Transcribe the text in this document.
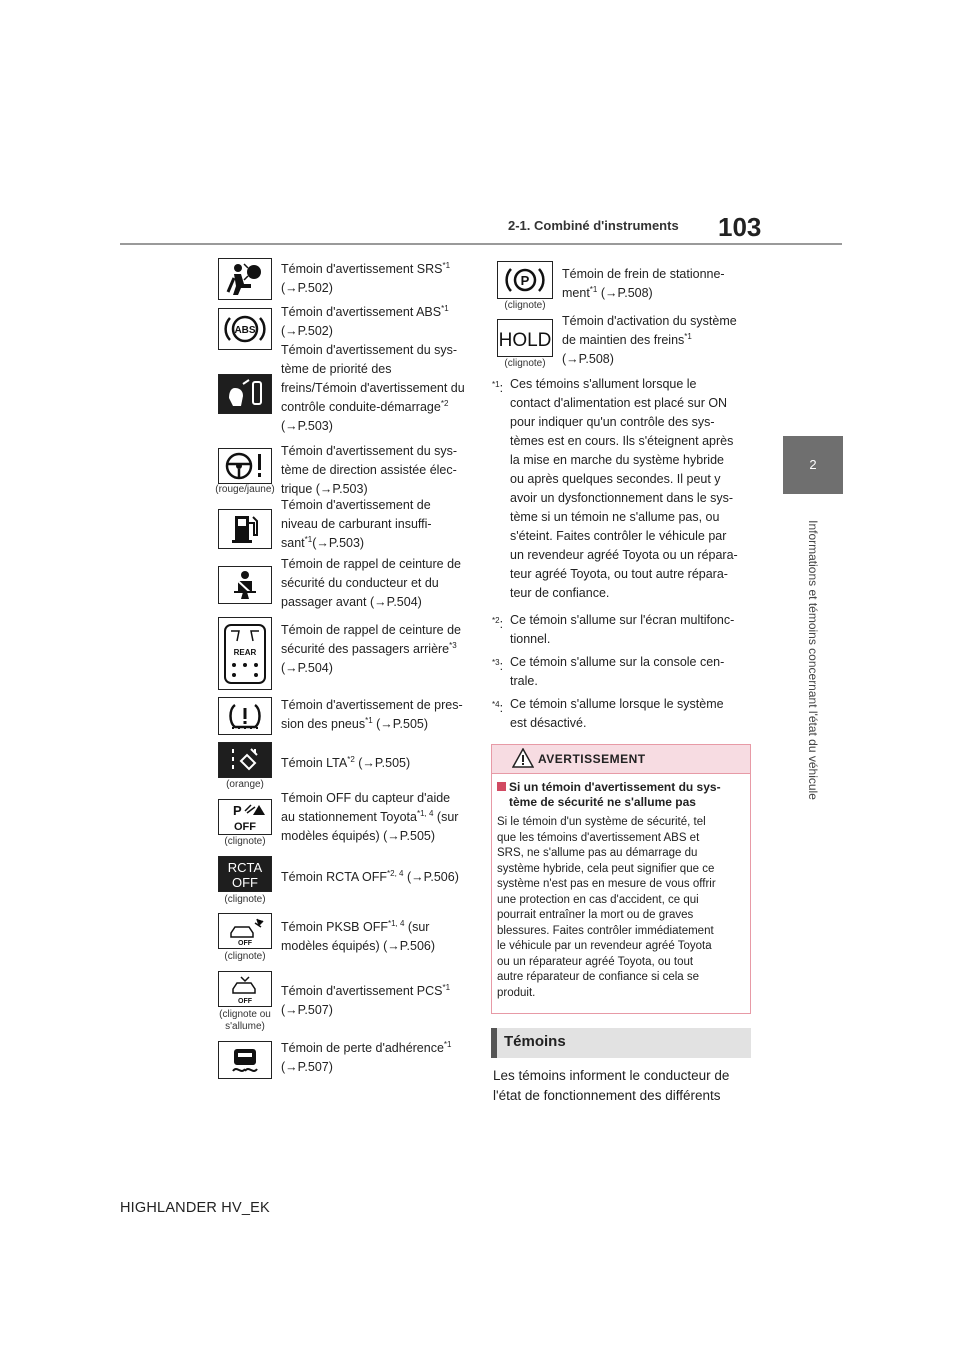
2-1. Combiné d'instruments 103
2
Informations et témoins concernant l'état du véhicule
Témoin d'avertissement SRS$^{*1}$
(→P.502)
ABS
Témoin d'avertissement ABS$^{*1}$
(→P.502)
Témoin d'avertissement du sys-
tème de priorité des
freins/Témoin d'avertissement du
contrôle conduite-démarrage$^{*2}$
(→P.503)
(rouge/jaune)
Témoin d'avertissement du sys-
tème de direction assistée élec-
trique (→P.503)
Témoin d'avertissement de
niveau de carburant insuffi-
sant$^{*1}$(→P.503)
Témoin de rappel de ceinture de
sécurité du conducteur et du
passager avant (→P.504)
REAR
Témoin de rappel de ceinture de
sécurité des passagers arrière$^{*3}$
(→P.504)
Témoin d'avertissement de pres-
sion des pneus$^{*1}$ (→P.505)
(orange)
Témoin LTA$^{*2}$ (→P.505)
P
OFF
(clignote)
Témoin OFF du capteur d'aide
au stationnement Toyota$^{*1, 4}$ (sur
modèles équipés) (→P.505)
RCTA
OFF
(clignote)
Témoin RCTA OFF$^{*2, 4}$ (→P.506)
OFF
(clignote)
Témoin PKSB OFF$^{*1, 4}$ (sur
modèles équipés) (→P.506)
OFF
(clignote ou
s'allume)
Témoin d'avertissement PCS$^{*1}$
(→P.507)
Témoin de perte d'adhérence$^{*1}$
(→P.507)
P
(clignote)
Témoin de frein de stationne-
ment$^{*1}$ (→P.508)
HOLD
(clignote)
Témoin d'activation du système
de maintien des freins$^{*1}$
(→P.508)
$^{*1}$: Ces témoins s'allument lorsque le
contact d'alimentation est placé sur ON
pour indiquer qu'un contrôle des sys-
tèmes est en cours. Ils s'éteignent après
la mise en marche du système hybride
ou après quelques secondes. Il peut y
avoir un dysfonctionnement dans le sys-
tème si un témoin ne s'allume pas, ou
s'éteint. Faites contrôler le véhicule par
un revendeur agréé Toyota ou un répara-
teur agréé Toyota, ou tout autre répara-
teur de confiance.
$^{*2}$: Ce témoin s'allume sur l'écran multifonc-
tionnel.
$^{*3}$: Ce témoin s'allume sur la console cen-
trale.
$^{*4}$: Ce témoin s'allume lorsque le système
est désactivé.
AVERTISSEMENT
Si un témoin d'avertissement du sys-
tème de sécurité ne s'allume pas
Si le témoin d'un système de sécurité, tel
que les témoins d'avertissement ABS et
SRS, ne s'allume pas au démarrage du
système hybride, cela peut signifier que ce
système n'est pas en mesure de vous offrir
une protection en cas d'accident, ce qui
pourrait entraîner la mort ou de graves
blessures. Faites contrôler immédiatement
le véhicule par un revendeur agréé Toyota
ou un réparateur agréé Toyota, ou tout
autre réparateur de confiance si cela se
produit.
Témoins
Les témoins informent le conducteur de
l'état de fonctionnement des différents
HIGHLANDER HV_EK
